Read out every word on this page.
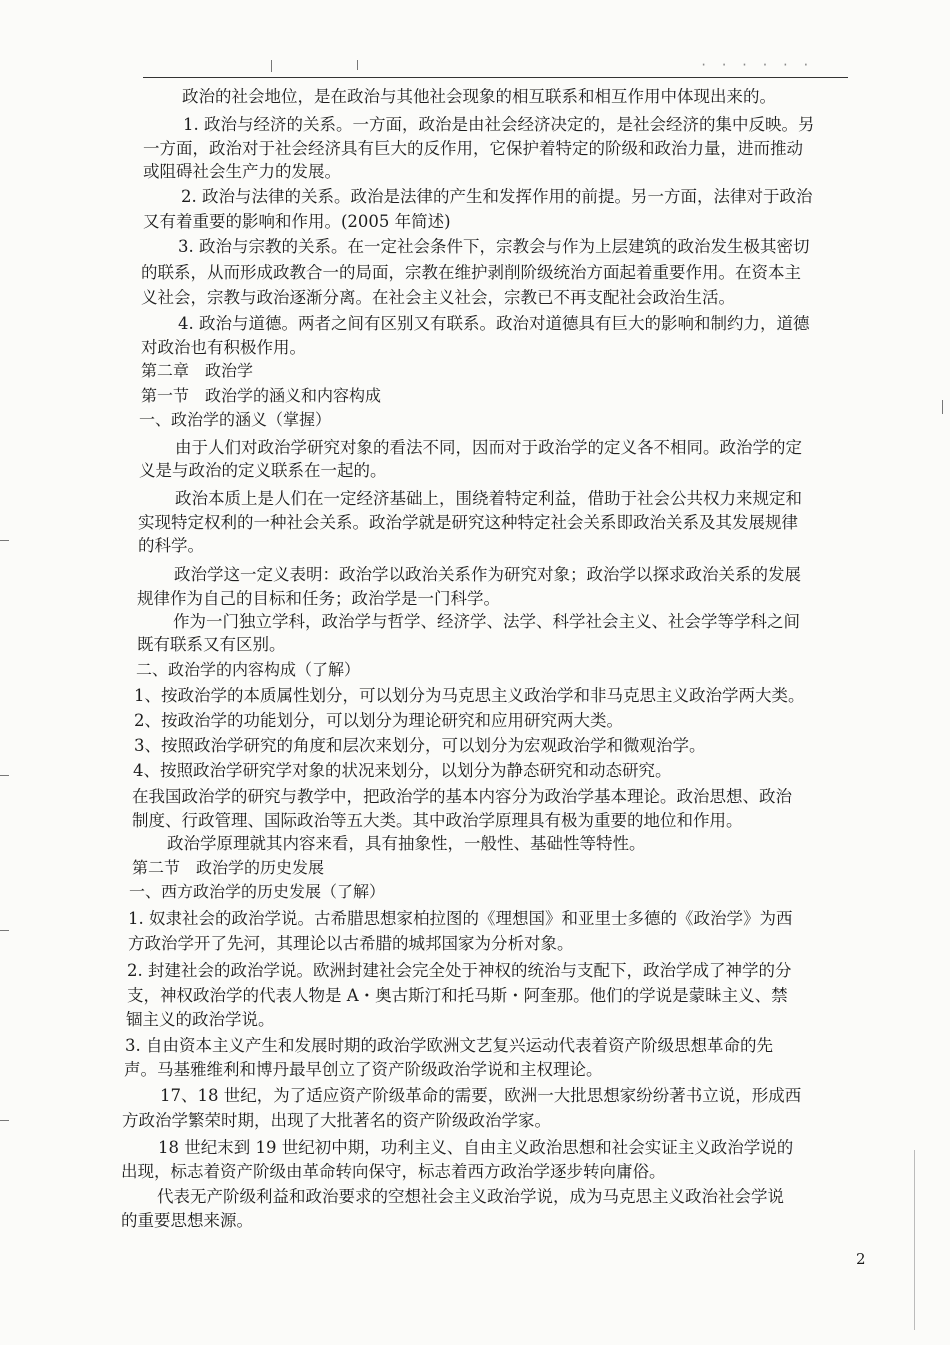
· · · · · ·
政治的社会地位，是在政治与其他社会现象的相互联系和相互作用中体现出来的。
1. 政治与经济的关系。一方面，政治是由社会经济决定的，是社会经济的集中反映。另
一方面，政治对于社会经济具有巨大的反作用，它保护着特定的阶级和政治力量，进而推动
或阻碍社会生产力的发展。
2. 政治与法律的关系。政治是法律的产生和发挥作用的前提。另一方面，法律对于政治
又有着重要的影响和作用。(2005 年简述)
3. 政治与宗教的关系。在一定社会条件下，宗教会与作为上层建筑的政治发生极其密切
的联系，从而形成政教合一的局面，宗教在维护剥削阶级统治方面起着重要作用。在资本主
义社会，宗教与政治逐渐分离。在社会主义社会，宗教已不再支配社会政治生活。
4. 政治与道德。两者之间有区别又有联系。政治对道德具有巨大的影响和制约力，道德
对政治也有积极作用。
第二章　政治学
第一节　政治学的涵义和内容构成
一、政治学的涵义（掌握）
由于人们对政治学研究对象的看法不同，因而对于政治学的定义各不相同。政治学的定
义是与政治的定义联系在一起的。
政治本质上是人们在一定经济基础上，围绕着特定利益，借助于社会公共权力来规定和
实现特定权利的一种社会关系。政治学就是研究这种特定社会关系即政治关系及其发展规律
的科学。
政治学这一定义表明：政治学以政治关系作为研究对象；政治学以探求政治关系的发展
规律作为自己的目标和任务；政治学是一门科学。
作为一门独立学科，政治学与哲学、经济学、法学、科学社会主义、社会学等学科之间
既有联系又有区别。
二、政治学的内容构成（了解）
1、按政治学的本质属性划分，可以划分为马克思主义政治学和非马克思主义政治学两大类。
2、按政治学的功能划分，可以划分为理论研究和应用研究两大类。
3、按照政治学研究的角度和层次来划分，可以划分为宏观政治学和微观治学。
4、按照政治学研究学对象的状况来划分，以划分为静态研究和动态研究。
在我国政治学的研究与教学中，把政治学的基本内容分为政治学基本理论。政治思想、政治
制度、行政管理、国际政治等五大类。其中政治学原理具有极为重要的地位和作用。
政治学原理就其内容来看，具有抽象性，一般性、基础性等特性。
第二节　政治学的历史发展
一、西方政治学的历史发展（了解）
1. 奴隶社会的政治学说。古希腊思想家柏拉图的《理想国》和亚里士多德的《政治学》为西
方政治学开了先河，其理论以古希腊的城邦国家为分析对象。
2. 封建社会的政治学说。欧洲封建社会完全处于神权的统治与支配下，政治学成了神学的分
支，神权政治学的代表人物是 A・奥古斯汀和托马斯・阿奎那。他们的学说是蒙昧主义、禁
锢主义的政治学说。
3. 自由资本主义产生和发展时期的政治学欧洲文艺复兴运动代表着资产阶级思想革命的先
声。马基雅维利和博丹最早创立了资产阶级政治学说和主权理论。
17、18 世纪，为了适应资产阶级革命的需要，欧洲一大批思想家纷纷著书立说，形成西
方政治学繁荣时期，出现了大批著名的资产阶级政治学家。
18 世纪末到 19 世纪初中期，功利主义、自由主义政治思想和社会实证主义政治学说的
出现，标志着资产阶级由革命转向保守，标志着西方政治学逐步转向庸俗。
代表无产阶级利益和政治要求的空想社会主义政治学说，成为马克思主义政治社会学说
的重要思想来源。
2
